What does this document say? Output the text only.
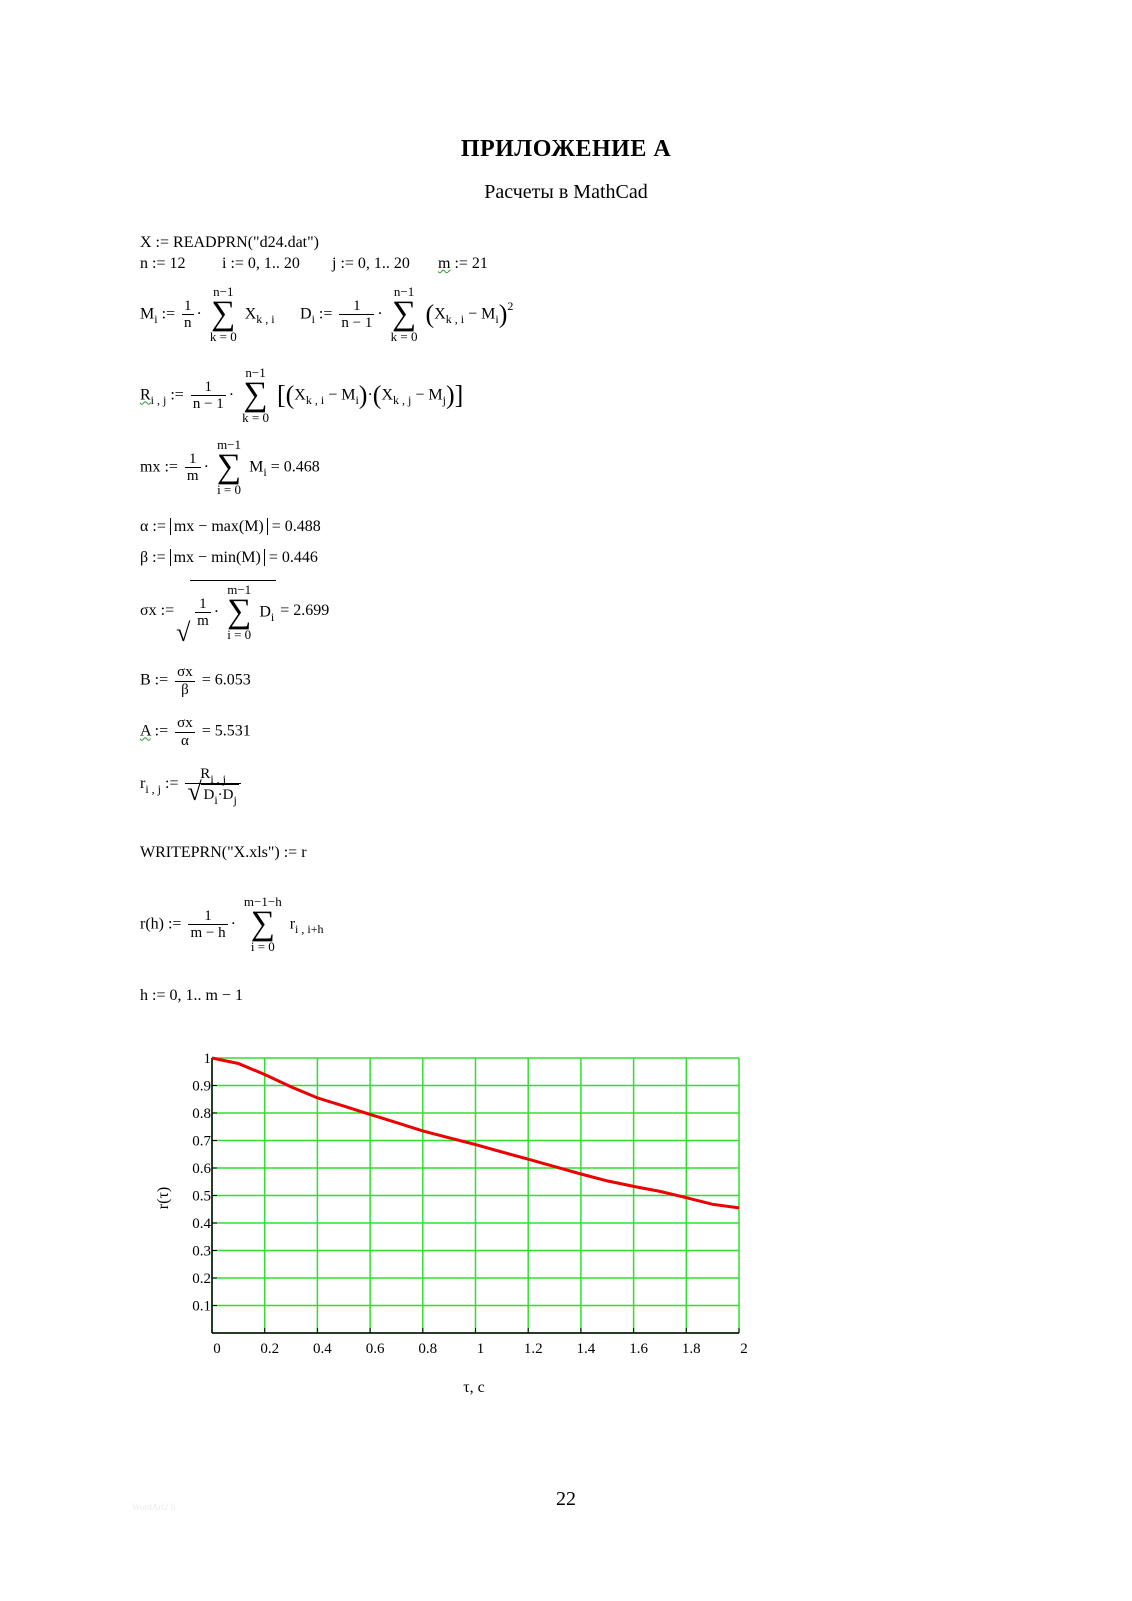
ПРИЛОЖЕНИЕ А
Расчеты в MathCad
X := READPRN("d24.dat")
n := 12 i := 0, 1.. 20 j := 0, 1.. 20 m := 21
$M_i$ := $\frac{1}{n}$ ·
n−1
∑
k = 0
$X_{k , i}$ $D_i$ := $\frac{1}{n - 1}$ ·
n−1
∑
k = 0
$(X_{k , i} - M_i)^2$
$R_{i , j}$ := $\frac{1}{n - 1}$ ·
n−1
∑
k = 0
$[(X_{k , i} - M_i)\cdot(X_{k , j} - M_j)]$
mx := $\frac{1}{m}$ ·
m−1
∑
i = 0
$M_i = 0.468$
α := mx − max(M) = 0.488
β := mx − min(M) = 0.446
σx :=
√ $\frac{1}{m}$ ·
m−1
∑
i = 0
$D_i = 2.699$
B := $\frac{\sigma x}{\beta} = 6.053$
A := $\frac{\sigma x}{\alpha} = 5.531$
$r_{i , j}$ := $R_{i , j}$
√ $D_i\cdot D_j$
WRITEPRN("X.xls") := r
r(h) := $\frac{1}{m - h}$ ·
m−1−h
∑
i = 0
$r_{i , i+h}$
h := 0, 1.. m − 1
0	0.2 0.4 0.6 0.8	1	1.2 1.4 1.6 1.8	2
0.1
0.2
0.3
0.4
0.5
0.6
0.7
0.8
0.9
1
τ, c
r(τ)
22
WordArt2 li
